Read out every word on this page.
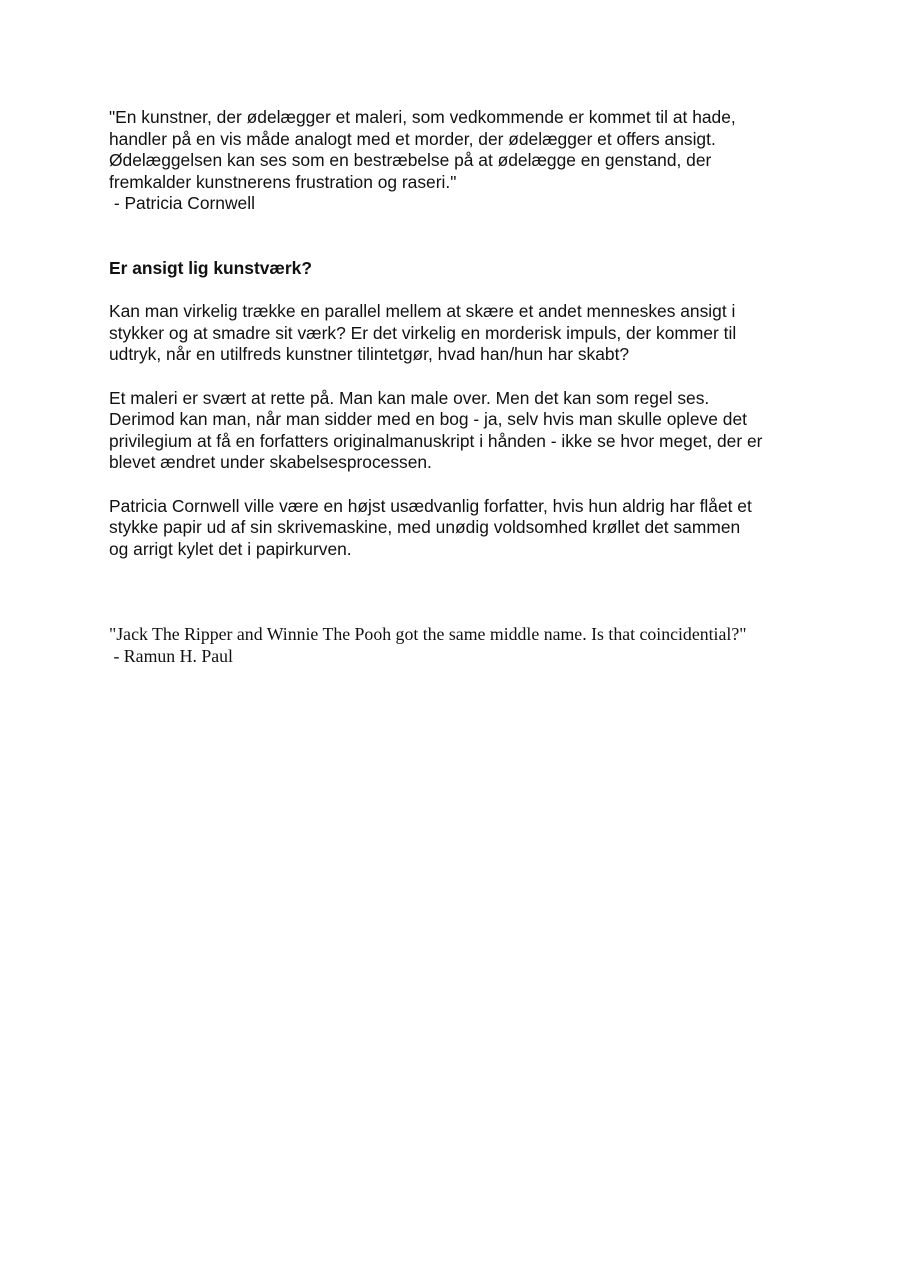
"En kunstner, der ødelægger et maleri, som vedkommende er kommet til at hade,
handler på en vis måde analogt med et morder, der ødelægger et offers ansigt.
Ødelæggelsen kan ses som en bestræbelse på at ødelægge en genstand, der
fremkalder kunstnerens frustration og raseri."
- Patricia Cornwell
Er ansigt lig kunstværk?
Kan man virkelig trække en parallel mellem at skære et andet menneskes ansigt i
stykker og at smadre sit værk? Er det virkelig en morderisk impuls, der kommer til
udtryk, når en utilfreds kunstner tilintetgør, hvad han/hun har skabt?
Et maleri er svært at rette på. Man kan male over. Men det kan som regel ses.
Derimod kan man, når man sidder med en bog - ja, selv hvis man skulle opleve det
privilegium at få en forfatters originalmanuskript i hånden - ikke se hvor meget, der er
blevet ændret under skabelsesprocessen.
Patricia Cornwell ville være en højst usædvanlig forfatter, hvis hun aldrig har flået et
stykke papir ud af sin skrivemaskine, med unødig voldsomhed krøllet det sammen
og arrigt kylet det i papirkurven.
"Jack The Ripper and Winnie The Pooh got the same middle name. Is that coincidential?"
- Ramun H. Paul
